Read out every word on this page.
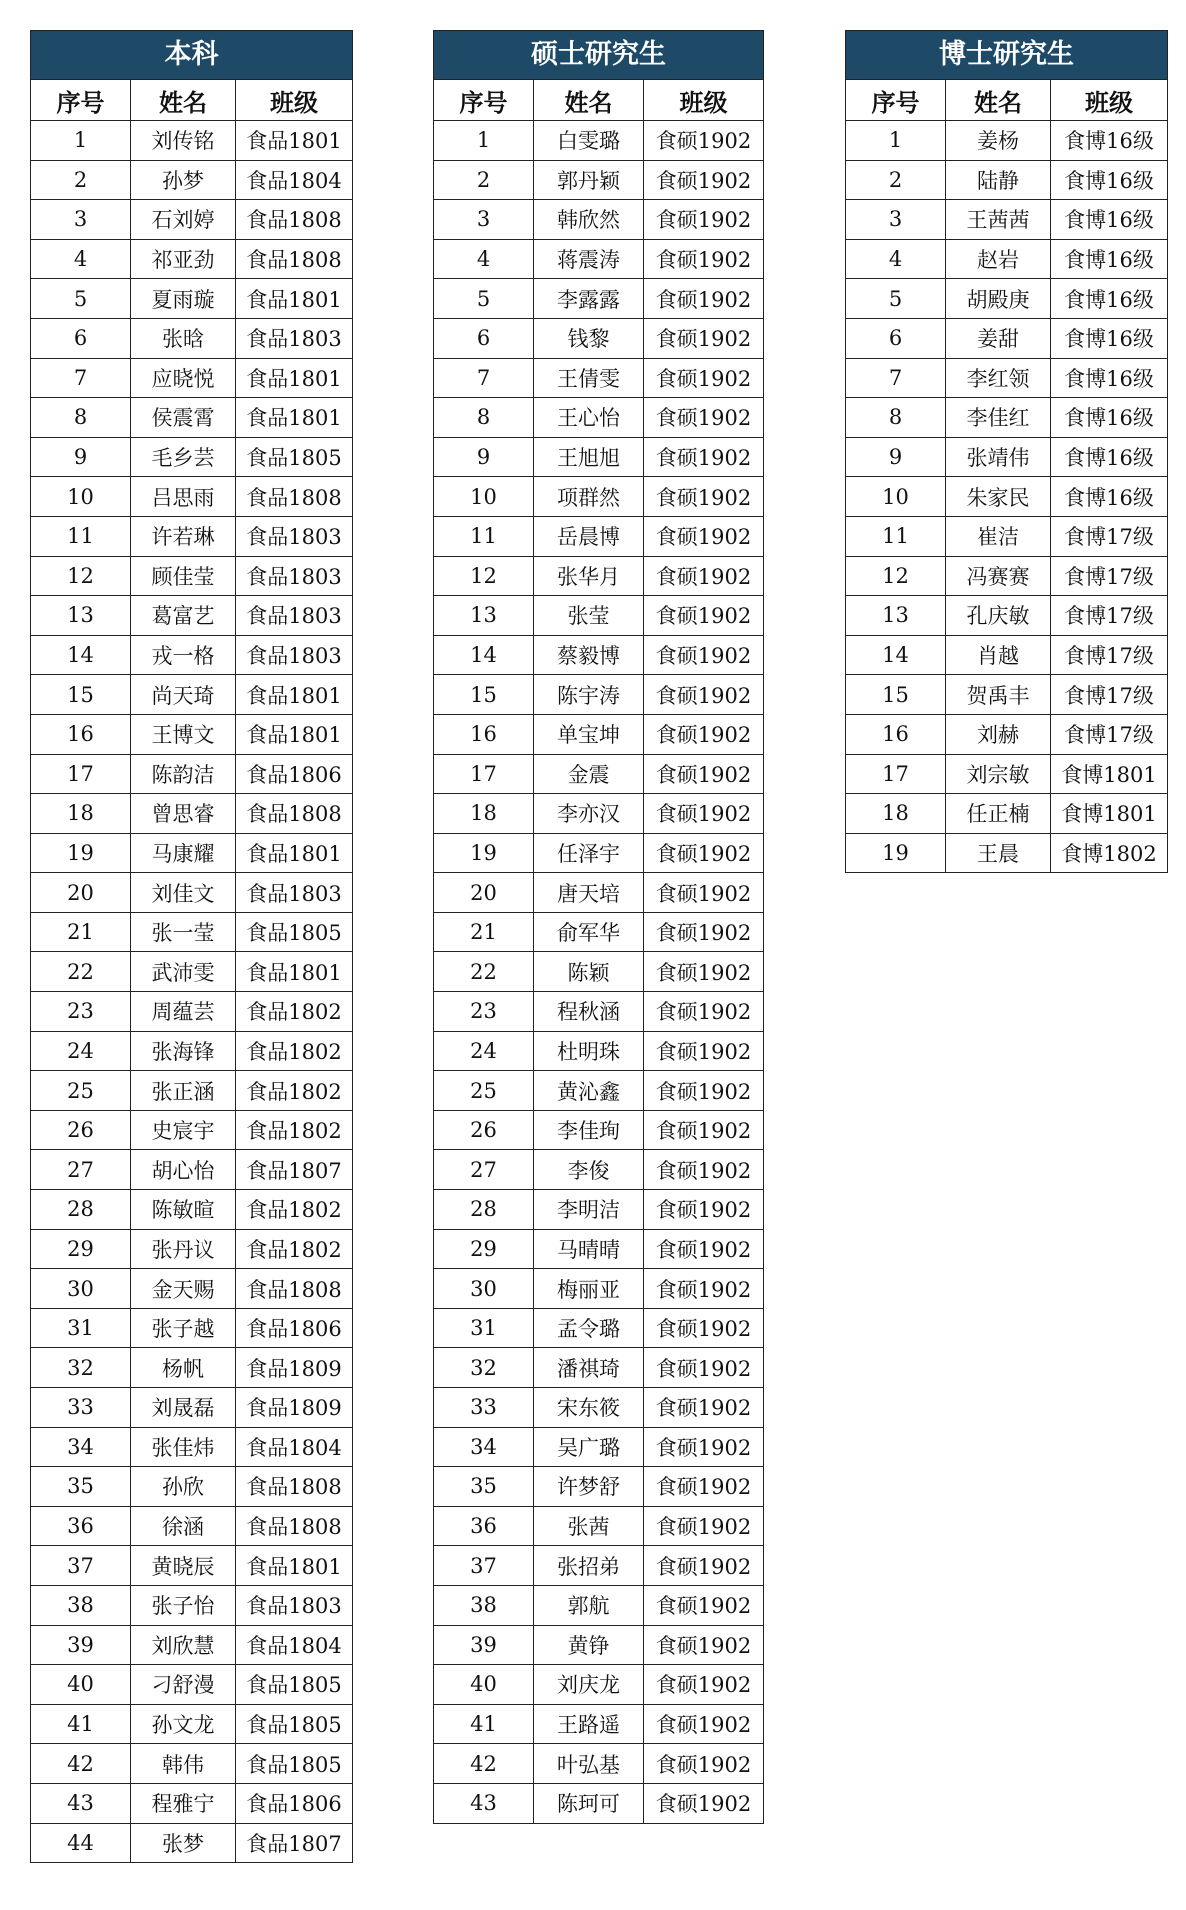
本科
序号	姓名	班级
1	刘传铭	食品1801
2	孙梦	食品1804
3	石刘婷	食品1808
4	祁亚劲	食品1808
5	夏雨璇	食品1801
6	张晗	食品1803
7	应晓悦	食品1801
8	侯震霄	食品1801
9	毛乡芸	食品1805
10	吕思雨	食品1808
11	许若琳	食品1803
12	顾佳莹	食品1803
13	葛富艺	食品1803
14	戎一格	食品1803
15	尚天琦	食品1801
16	王博文	食品1801
17	陈韵洁	食品1806
18	曾思睿	食品1808
19	马康耀	食品1801
20	刘佳文	食品1803
21	张一莹	食品1805
22	武沛雯	食品1801
23	周蕴芸	食品1802
24	张海锋	食品1802
25	张正涵	食品1802
26	史宸宇	食品1802
27	胡心怡	食品1807
28	陈敏暄	食品1802
29	张丹议	食品1802
30	金天赐	食品1808
31	张子越	食品1806
32	杨帆	食品1809
33	刘晟磊	食品1809
34	张佳炜	食品1804
35	孙欣	食品1808
36	徐涵	食品1808
37	黄晓辰	食品1801
38	张子怡	食品1803
39	刘欣慧	食品1804
40	刁舒漫	食品1805
41	孙文龙	食品1805
42	韩伟	食品1805
43	程雅宁	食品1806
44	张梦	食品1807
硕士研究生
序号	姓名	班级
1	白雯璐	食硕1902
2	郭丹颖	食硕1902
3	韩欣然	食硕1902
4	蒋震涛	食硕1902
5	李露露	食硕1902
6	钱黎	食硕1902
7	王倩雯	食硕1902
8	王心怡	食硕1902
9	王旭旭	食硕1902
10	项群然	食硕1902
11	岳晨博	食硕1902
12	张华月	食硕1902
13	张莹	食硕1902
14	蔡毅博	食硕1902
15	陈宇涛	食硕1902
16	单宝坤	食硕1902
17	金震	食硕1902
18	李亦汉	食硕1902
19	任泽宇	食硕1902
20	唐天培	食硕1902
21	俞军华	食硕1902
22	陈颖	食硕1902
23	程秋涵	食硕1902
24	杜明珠	食硕1902
25	黄沁鑫	食硕1902
26	李佳珣	食硕1902
27	李俊	食硕1902
28	李明洁	食硕1902
29	马晴晴	食硕1902
30	梅丽亚	食硕1902
31	孟令璐	食硕1902
32	潘祺琦	食硕1902
33	宋东筱	食硕1902
34	吴广璐	食硕1902
35	许梦舒	食硕1902
36	张茜	食硕1902
37	张招弟	食硕1902
38	郭航	食硕1902
39	黄铮	食硕1902
40	刘庆龙	食硕1902
41	王路遥	食硕1902
42	叶弘基	食硕1902
43	陈珂可	食硕1902
博士研究生
序号	姓名	班级
1	姜杨	食博16级
2	陆静	食博16级
3	王茜茜	食博16级
4	赵岩	食博16级
5	胡殿庚	食博16级
6	姜甜	食博16级
7	李红领	食博16级
8	李佳红	食博16级
9	张靖伟	食博16级
10	朱家民	食博16级
11	崔洁	食博17级
12	冯赛赛	食博17级
13	孔庆敏	食博17级
14	肖越	食博17级
15	贺禹丰	食博17级
16	刘赫	食博17级
17	刘宗敏	食博1801
18	任正楠	食博1801
19	王晨	食博1802
